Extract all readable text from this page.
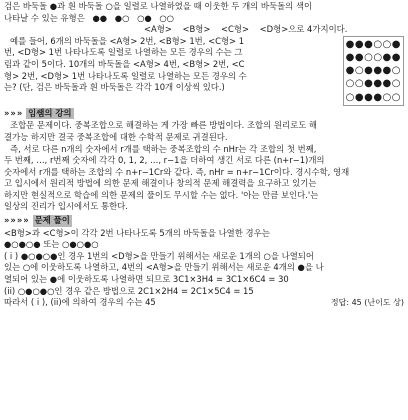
검은 바둑돌 ●과 흰 바둑돌 ○을 일렬로 나열하였을 때 이웃한 두 개의 바둑돌의 색이

나타날 수 있는 유형은 ●● ●○ ○● ○○

<A형>    <B형>    <C형>    <D형>으로 4가지이다.

예를 들어, 6개의 바둑돌을 <A형> 2번, <B형> 1번, <C형> 1

번, <D형> 1번 나타나도록 일렬로 나열하는 모든 경우의 수는 그

림과 같이 5이다. 10개의 바둑돌을 <A형> 4번, <B형> 2번, <C

형> 2번, <D형> 1번 나타나도록 일렬로 나열하는 모든 경우의 수

는? (단, 검은 바둑돌과 흰 바둑돌은 각각 10개 이상씩 있다.)

●●●○○●
●●○○●●
●○●●●○
○○●●●○
○●●●○○
»»» 임쌤의 강의

조합문 문제이다. 중복조합으로 해결하는 게 가장 빠른 방법이다. 조합의 원리로도 해

결가능 하지만 결국 중복조합에 대한 수학적 문제로 귀결된다.

즉, 서로 다른 n개의 숫자에서 r개를 택하는 중복조합의 수 nHr는 각 조합의 첫 번째,

두 번째, …, r번째 숫자에 각각 0, 1, 2, …, r−1을 더하여 생긴 서로 다른 (n+r−1)개의

숫자에서 r개를 택하는 조합의 수 n+r−1Cr와 같다. 즉, nHr = n+r−1Cr이다. 경시수학, 영재

고 입시에서 원리적 방법에 의한 문제 해결이나 창의적 문제 해결력을 요구하고 있기는

하지만 현실적으로 학습에 의한 문제의 풀이도 무시할 수는 없다. '아는 만큼 보인다.'는

일상의 진리가 입시에서도 통한다.

»»»» 문제 풀이

<B형>과 <C형>이 각각 2번 나타나도록 5개의 바둑돌을 나열한 경우는

●○●○● 또는 ○●○●○

( i ) ●○●○●인 경우 1번의 <D형>을 만들기 위해서는 새로운 1개의 ○을 나열되어

있는 ○에 이웃하도록 나열하고, 4번의 <A형>을 만들기 위해서는 새로운 4개의 ●을 나

열되어 있는 ●에 이웃하도록 나열하면 되므로 3C1×3H4 = 3C1×6C4 = 30

(ii) ○●○●○인 경우 같은 방법으로 2C1×2H4 = 2C1×5C4 = 15

따라서 ( i ), (ii)에 의하여 경우의 수는 45	정답: 45 (난이도 상)
